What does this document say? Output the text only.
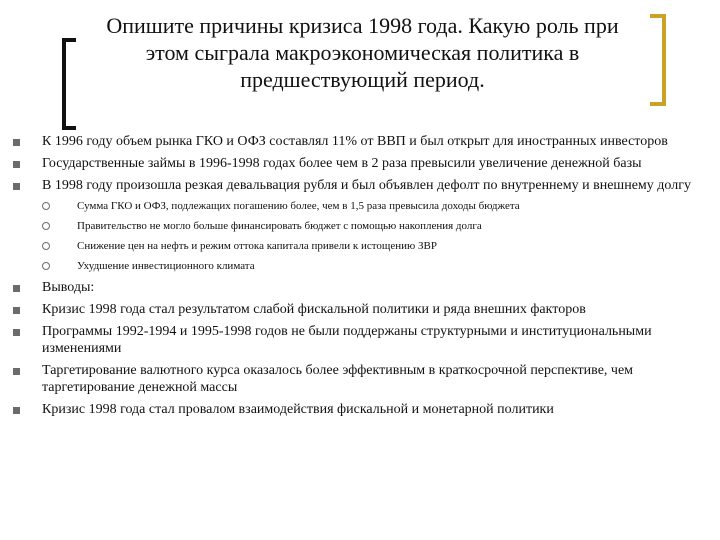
Опишите причины кризиса 1998 года. Какую роль при этом сыграла макроэкономическая политика в предшествующий период.
К 1996 году объем рынка ГКО и ОФЗ составлял 11% от ВВП и был открыт для иностранных инвесторов
Государственные займы в 1996-1998 годах более чем в 2 раза превысили увеличение денежной базы
В 1998 году произошла резкая девальвация рубля и был объявлен дефолт по внутреннему и внешнему долгу
Сумма ГКО и ОФЗ, подлежащих погашению более, чем в 1,5 раза превысила доходы бюджета
Правительство не могло больше финансировать бюджет с помощью накопления долга
Снижение цен на нефть и режим оттока капитала привели к истощению ЗВР
Ухудшение инвестиционного климата
Выводы:
Кризис 1998 года стал результатом слабой фискальной политики и ряда внешних факторов
Программы 1992-1994 и 1995-1998 годов не были поддержаны структурными и институциональными изменениями
Таргетирование валютного курса оказалось более эффективным в краткосрочной перспективе, чем таргетирование денежной массы
Кризис 1998 года стал провалом взаимодействия фискальной и монетарной политики
